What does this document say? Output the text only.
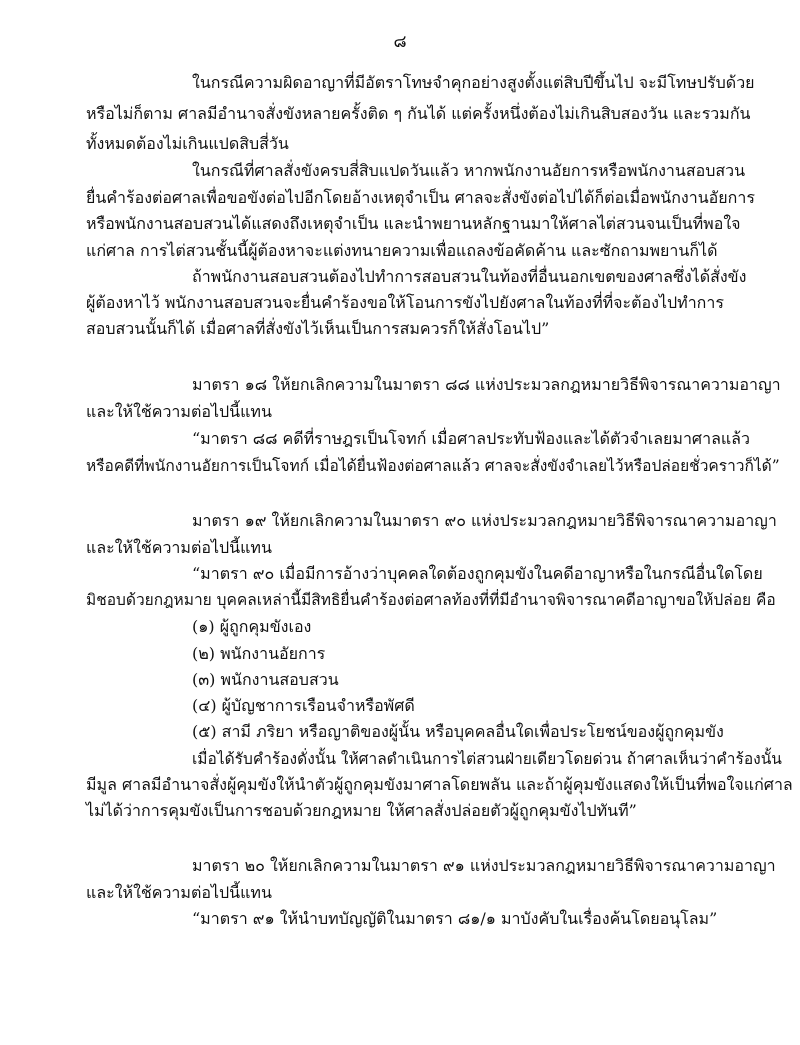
๘
ในกรณีความผิดอาญาที่มีอัตราโทษจำคุกอย่างสูงตั้งแต่สิบปีขึ้นไป จะมีโทษปรับด้วย
หรือไม่ก็ตาม ศาลมีอำนาจสั่งขังหลายครั้งติด ๆ กันได้ แต่ครั้งหนึ่งต้องไม่เกินสิบสองวัน และรวมกัน
ทั้งหมดต้องไม่เกินแปดสิบสี่วัน
ในกรณีที่ศาลสั่งขังครบสี่สิบแปดวันแล้ว หากพนักงานอัยการหรือพนักงานสอบสวน
ยื่นคำร้องต่อศาลเพื่อขอขังต่อไปอีกโดยอ้างเหตุจำเป็น ศาลจะสั่งขังต่อไปได้ก็ต่อเมื่อพนักงานอัยการ
หรือพนักงานสอบสวนได้แสดงถึงเหตุจำเป็น และนำพยานหลักฐานมาให้ศาลไต่สวนจนเป็นที่พอใจ
แก่ศาล การไต่สวนชั้นนี้ผู้ต้องหาจะแต่งทนายความเพื่อแถลงข้อคัดค้าน และซักถามพยานก็ได้
ถ้าพนักงานสอบสวนต้องไปทำการสอบสวนในท้องที่อื่นนอกเขตของศาลซึ่งได้สั่งขัง
ผู้ต้องหาไว้ พนักงานสอบสวนจะยื่นคำร้องขอให้โอนการขังไปยังศาลในท้องที่ที่จะต้องไปทำการ
สอบสวนนั้นก็ได้ เมื่อศาลที่สั่งขังไว้เห็นเป็นการสมควรก็ให้สั่งโอนไป”
มาตรา ๑๘ ให้ยกเลิกความในมาตรา ๘๘ แห่งประมวลกฎหมายวิธีพิจารณาความอาญา
และให้ใช้ความต่อไปนี้แทน
“มาตรา ๘๘ คดีที่ราษฎรเป็นโจทก์ เมื่อศาลประทับฟ้องและได้ตัวจำเลยมาศาลแล้ว
หรือคดีที่พนักงานอัยการเป็นโจทก์ เมื่อได้ยื่นฟ้องต่อศาลแล้ว ศาลจะสั่งขังจำเลยไว้หรือปล่อยชั่วคราวก็ได้”
มาตรา ๑๙ ให้ยกเลิกความในมาตรา ๙๐ แห่งประมวลกฎหมายวิธีพิจารณาความอาญา
และให้ใช้ความต่อไปนี้แทน
“มาตรา ๙๐ เมื่อมีการอ้างว่าบุคคลใดต้องถูกคุมขังในคดีอาญาหรือในกรณีอื่นใดโดย
มิชอบด้วยกฎหมาย บุคคลเหล่านี้มีสิทธิยื่นคำร้องต่อศาลท้องที่ที่มีอำนาจพิจารณาคดีอาญาขอให้ปล่อย คือ
(๑) ผู้ถูกคุมขังเอง
(๒) พนักงานอัยการ
(๓) พนักงานสอบสวน
(๔) ผู้บัญชาการเรือนจำหรือพัศดี
(๕) สามี ภริยา หรือญาติของผู้นั้น หรือบุคคลอื่นใดเพื่อประโยชน์ของผู้ถูกคุมขัง
เมื่อได้รับคำร้องดั่งนั้น ให้ศาลดำเนินการไต่สวนฝ่ายเดียวโดยด่วน ถ้าศาลเห็นว่าคำร้องนั้น
มีมูล ศาลมีอำนาจสั่งผู้คุมขังให้นำตัวผู้ถูกคุมขังมาศาลโดยพลัน และถ้าผู้คุมขังแสดงให้เป็นที่พอใจแก่ศาล
ไม่ได้ว่าการคุมขังเป็นการชอบด้วยกฎหมาย ให้ศาลสั่งปล่อยตัวผู้ถูกคุมขังไปทันที”
มาตรา ๒๐ ให้ยกเลิกความในมาตรา ๙๑ แห่งประมวลกฎหมายวิธีพิจารณาความอาญา
และให้ใช้ความต่อไปนี้แทน
“มาตรา ๙๑ ให้นำบทบัญญัติในมาตรา ๘๑/๑ มาบังคับในเรื่องค้นโดยอนุโลม”
